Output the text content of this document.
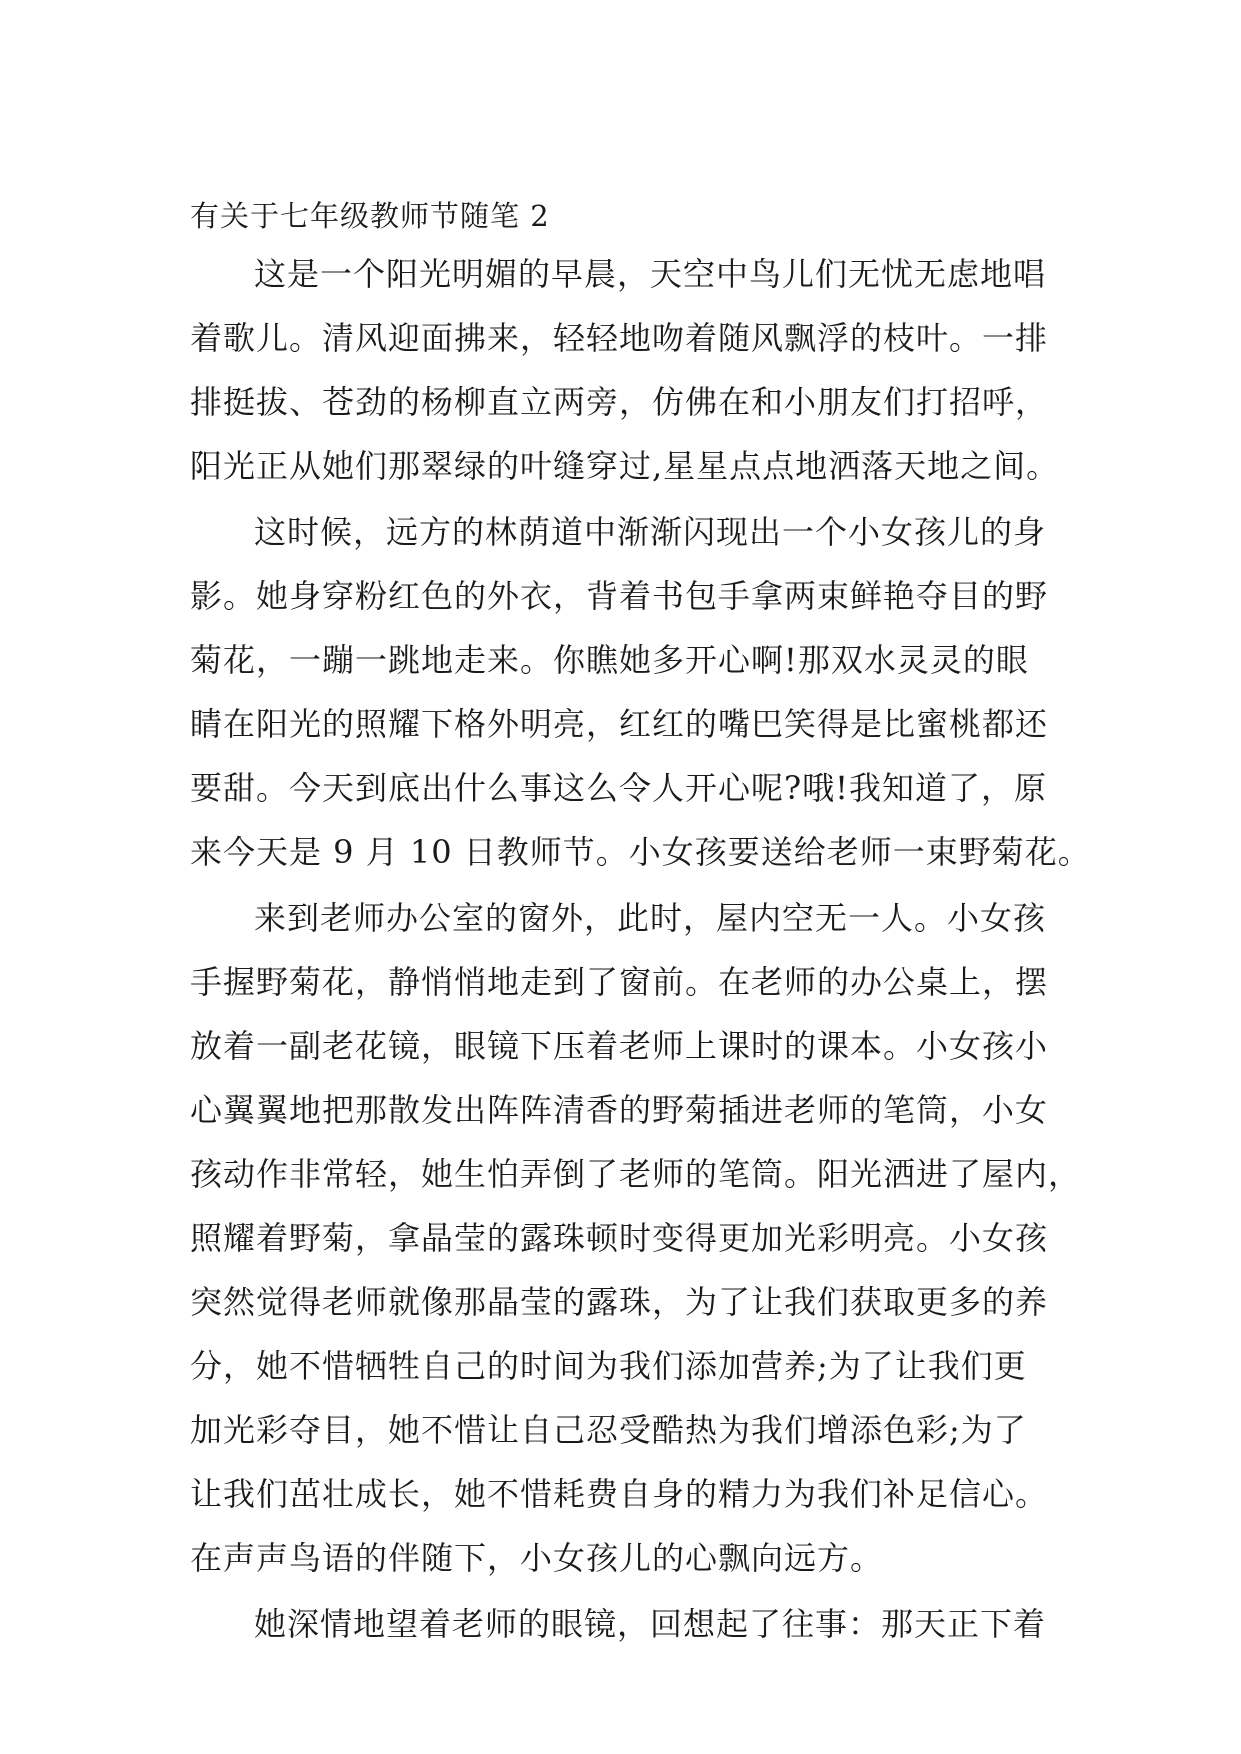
有关于七年级教师节随笔 2
这是一个阳光明媚的早晨，天空中鸟儿们无忧无虑地唱
着歌儿。清风迎面拂来，轻轻地吻着随风飘浮的枝叶。一排
排挺拔、苍劲的杨柳直立两旁，仿佛在和小朋友们打招呼，
阳光正从她们那翠绿的叶缝穿过,星星点点地洒落天地之间。
这时候，远方的林荫道中渐渐闪现出一个小女孩儿的身
影。她身穿粉红色的外衣，背着书包手拿两束鲜艳夺目的野
菊花，一蹦一跳地走来。你瞧她多开心啊!那双水灵灵的眼
睛在阳光的照耀下格外明亮，红红的嘴巴笑得是比蜜桃都还
要甜。今天到底出什么事这么令人开心呢?哦!我知道了，原
来今天是 9 月 10 日教师节。小女孩要送给老师一束野菊花。
来到老师办公室的窗外，此时，屋内空无一人。小女孩
手握野菊花，静悄悄地走到了窗前。在老师的办公桌上，摆
放着一副老花镜，眼镜下压着老师上课时的课本。小女孩小
心翼翼地把那散发出阵阵清香的野菊插进老师的笔筒，小女
孩动作非常轻，她生怕弄倒了老师的笔筒。阳光洒进了屋内，
照耀着野菊，拿晶莹的露珠顿时变得更加光彩明亮。小女孩
突然觉得老师就像那晶莹的露珠，为了让我们获取更多的养
分，她不惜牺牲自己的时间为我们添加营养;为了让我们更
加光彩夺目，她不惜让自己忍受酷热为我们增添色彩;为了
让我们茁壮成长，她不惜耗费自身的精力为我们补足信心。
在声声鸟语的伴随下，小女孩儿的心飘向远方。
她深情地望着老师的眼镜，回想起了往事：那天正下着
